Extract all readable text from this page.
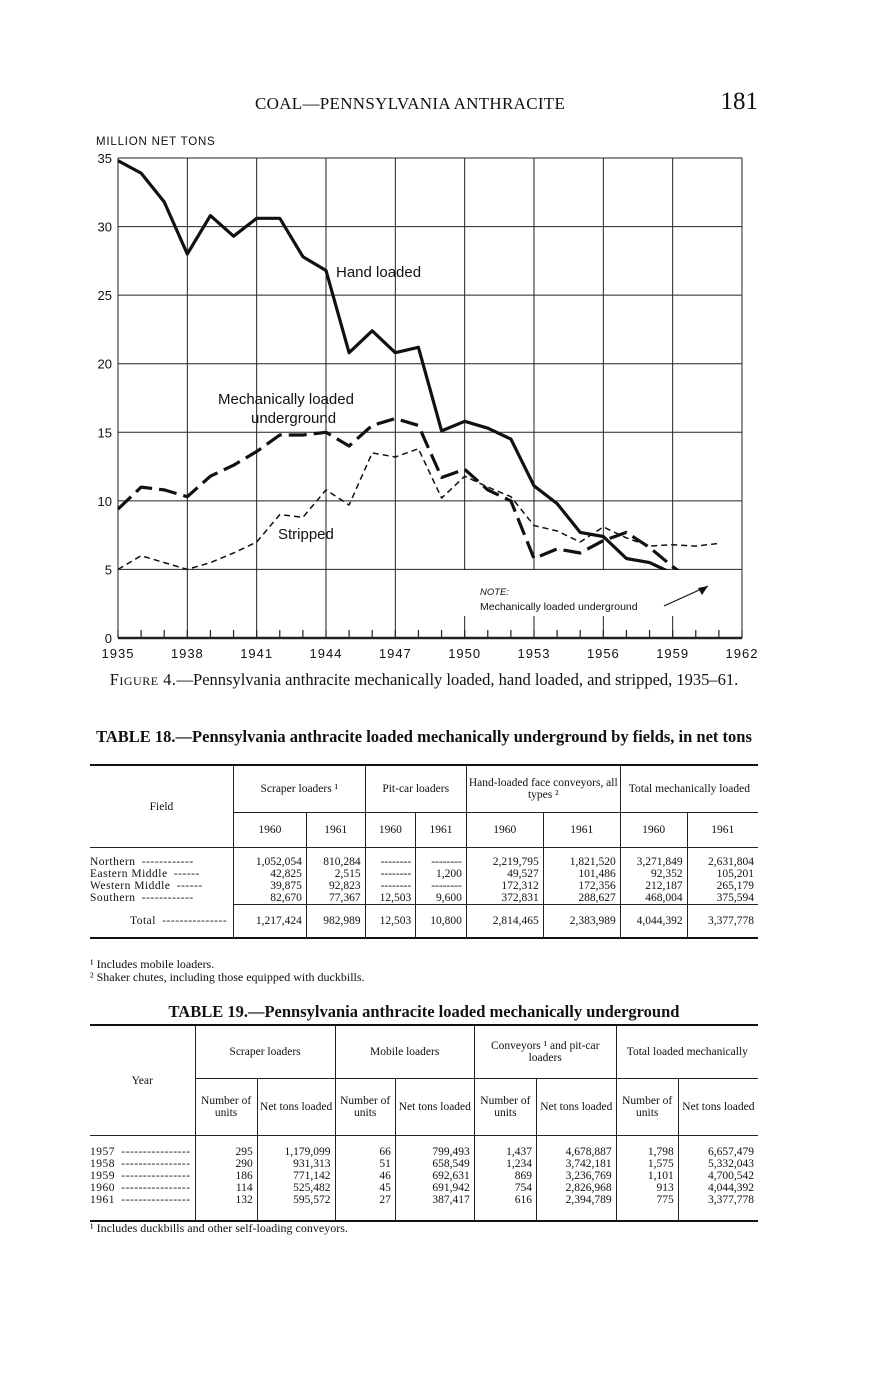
COAL—PENNSYLVANIA ANTHRACITE	181
0
5
10
15
20
25
30
35
1935	1938	1941	1944	1947	1950	1953	1956	1959	1962
MILLION NET TONS
Hand loaded
Mechanically loaded
underground
Stripped
NOTE:
Mechanically loaded underground
Figure 4.—Pennsylvania anthracite mechanically loaded, hand loaded, and stripped, 1935–61.
TABLE 18.—Pennsylvania anthracite loaded mechanically underground by fields, in net tons
Field	Scraper loaders ¹		Pit-car loaders		Hand-loaded face conveyors, all types ²		Total mechanically loaded	
	1960	1961	1960	1961	1960	1961	1960	1961
Northern ------------	1,052,054	810,284	--------	--------	2,219,795	1,821,520	3,271,849	2,631,804
Eastern Middle ------	42,825	2,515	--------	1,200	49,527	101,486	92,352	105,201
Western Middle ------	39,875	92,823	--------	--------	172,312	172,356	212,187	265,179
Southern ------------	82,670	77,367	12,503	9,600	372,831	288,627	468,004	375,594
Total ---------------	1,217,424	982,989	12,503	10,800	2,814,465	2,383,989	4,044,392	3,377,778
¹ Includes mobile loaders.
² Shaker chutes, including those equipped with duckbills.
TABLE 19.—Pennsylvania anthracite loaded mechanically underground
Year	Scraper loaders		Mobile loaders		Conveyors ¹ and pit-car loaders		Total loaded mechanically	
	Number of units	Net tons loaded	Number of units	Net tons loaded	Number of units	Net tons loaded	Number of units	Net tons loaded
1957 ----------------	295	1,179,099	66	799,493	1,437	4,678,887	1,798	6,657,479
1958 ----------------	290	931,313	51	658,549	1,234	3,742,181	1,575	5,332,043
1959 ----------------	186	771,142	46	692,631	869	3,236,769	1,101	4,700,542
1960 ----------------	114	525,482	45	691,942	754	2,826,968	913	4,044,392
1961 ----------------	132	595,572	27	387,417	616	2,394,789	775	3,377,778
¹ Includes duckbills and other self-loading conveyors.
